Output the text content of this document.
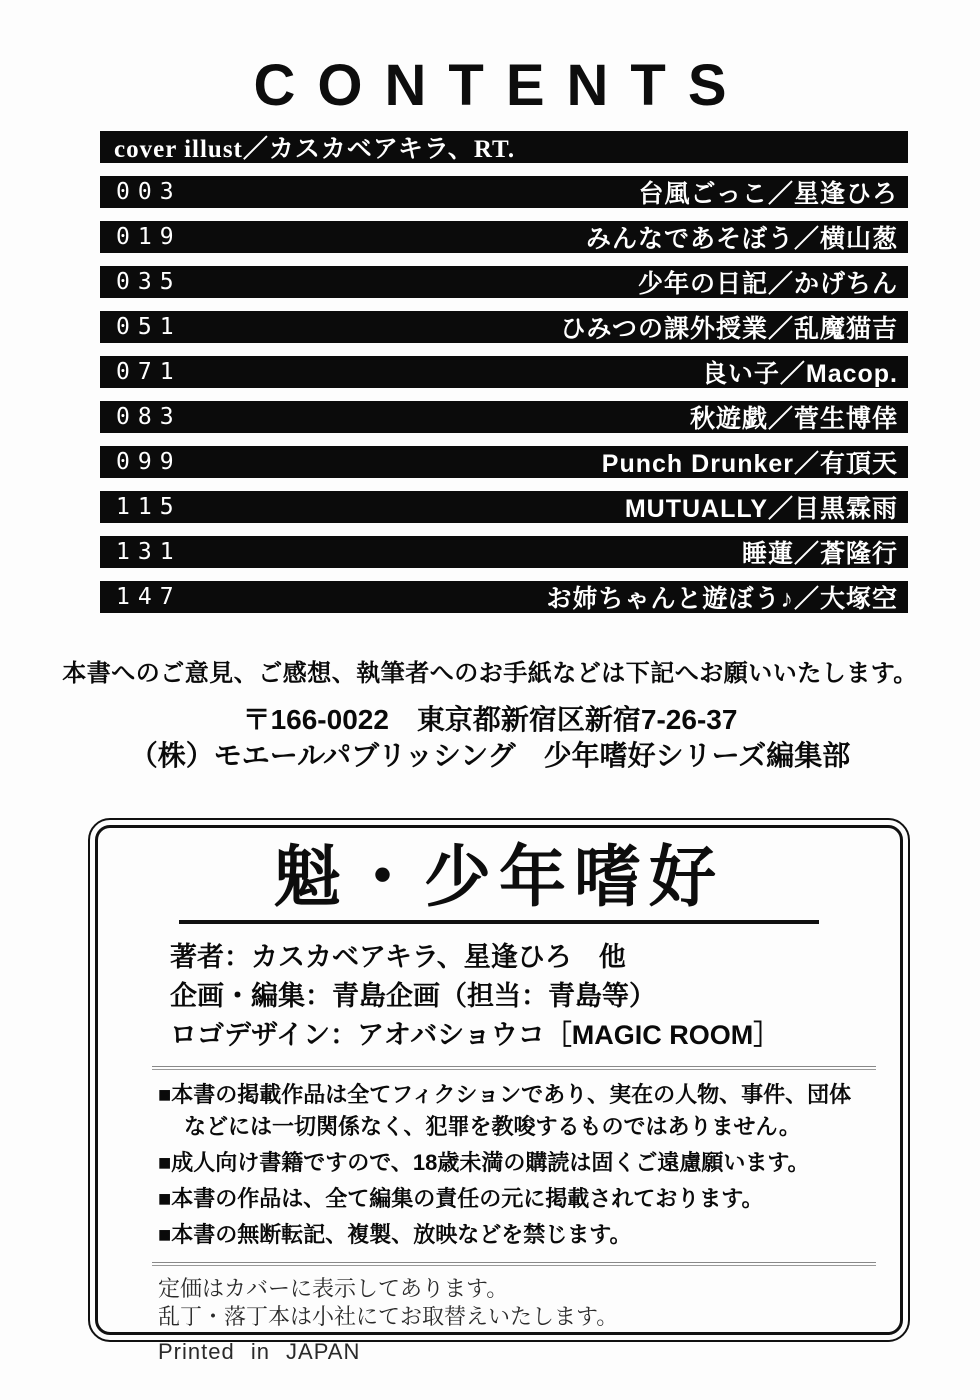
CONTENTS
cover illust／カスカベアキラ、RT.
003	台風ごっこ／星逢ひろ
019	みんなであそぼう／横山葱
035	少年の日記／かげちん
051	ひみつの課外授業／乱魔猫吉
071	良い子／Macop.
083	秋遊戯／菅生博倖
099	Punch Drunker／有頂天
115	MUTUALLY／目黒霖雨
131	睡蓮／蒼隆行
147	お姉ちゃんと遊ぼう♪／大塚空
本書へのご意見、ご感想、執筆者へのお手紙などは下記へお願いいたします。
〒166-0022　東京都新宿区新宿7-26-37
（株）モエールパブリッシング　少年嗜好シリーズ編集部
魁・少年嗜好
著者：カスカベアキラ、星逢ひろ　他
企画・編集：青島企画（担当：青島等）
ロゴデザイン：アオバショウコ［MAGIC ROOM］

■本書の掲載作品は全てフィクションであり、実在の人物、事件、団体などには一切関係なく、犯罪を教唆するものではありません。

■成人向け書籍ですので、18歳未満の購読は固くご遠慮願います。

■本書の作品は、全て編集の責任の元に掲載されております。

■本書の無断転記、複製、放映などを禁じます。

定価はカバーに表示してあります。
乱丁・落丁本は小社にてお取替えいたします。
Printed in JAPAN
